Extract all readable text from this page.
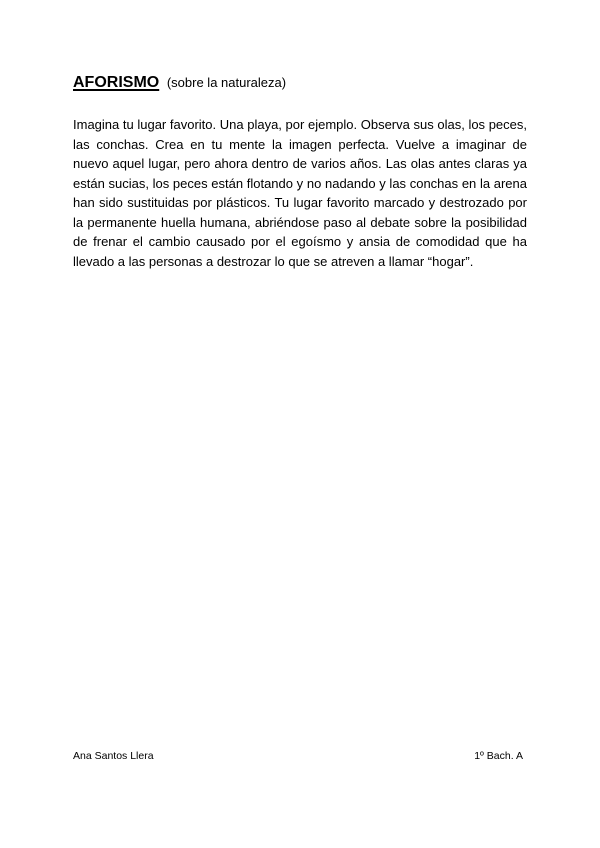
AFORISMO (sobre la naturaleza)

Imagina tu lugar favorito. Una playa, por ejemplo. Observa sus olas, los peces, las conchas. Crea en tu mente la imagen perfecta. Vuelve a imaginar de nuevo aquel lugar, pero ahora dentro de varios años. Las olas antes claras ya están sucias, los peces están flotando y no nadando y las conchas en la arena han sido sustituidas por plásticos. Tu lugar favorito marcado y destrozado por la permanente huella humana, abriéndose paso al debate sobre la posibilidad de frenar el cambio causado por el egoísmo y ansia de comodidad que ha llevado a las personas a destrozar lo que se atreven a llamar “hogar”.

Ana Santos Llera	1º Bach. A
